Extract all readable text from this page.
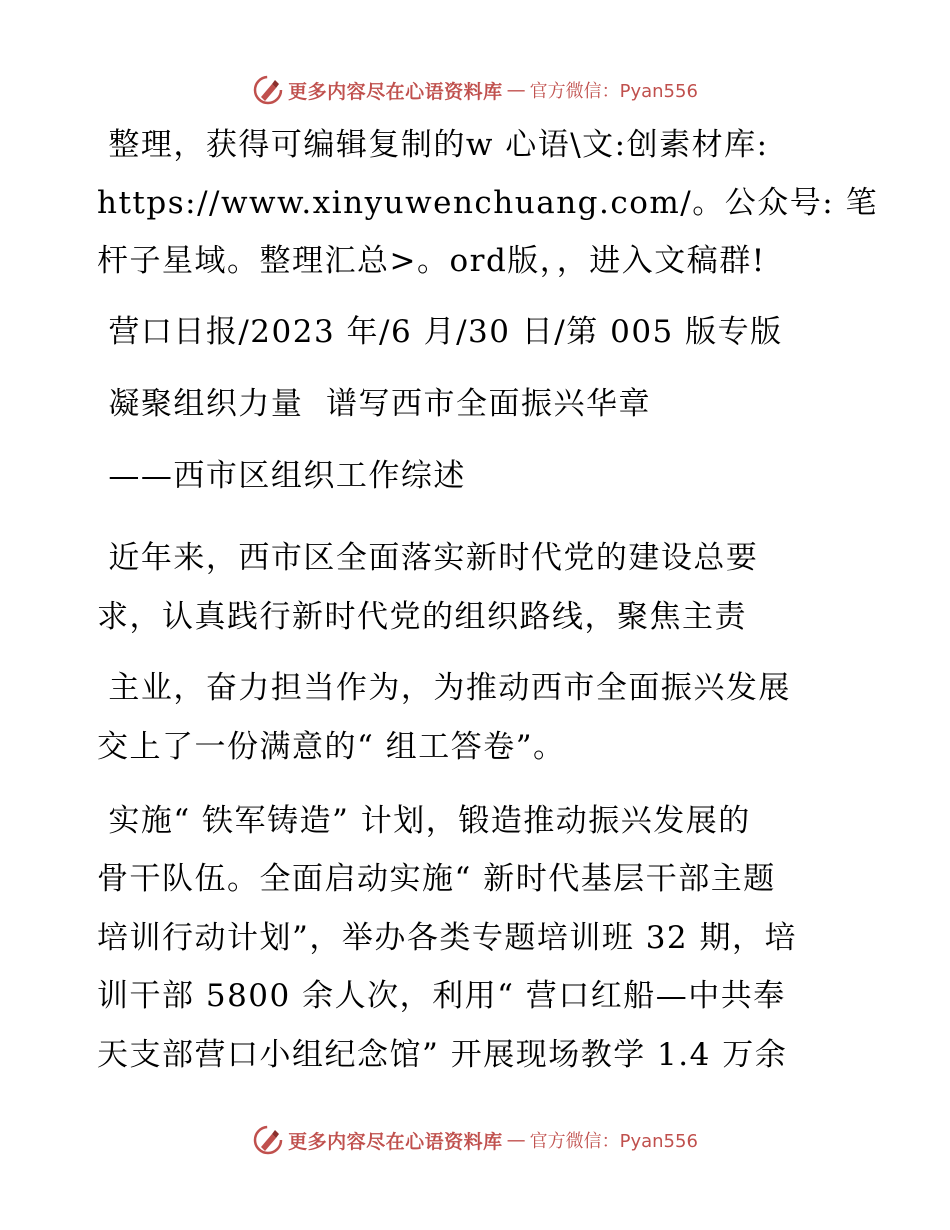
更多内容尽在心语资料库 — 官方微信：Pyan556
整理，获得可编辑复制的w 心语\文:创素材库:
https://www.xinyuwenchuang.com/。公众号: 笔
杆子星域。整理汇总>。ord版，，进入文稿群!
营口日报/2023 年/6 月/30 日/第 005 版专版
凝聚组织力量  谱写西市全面振兴华章
——西市区组织工作综述
近年来，西市区全面落实新时代党的建设总要
求，认真践行新时代党的组织路线，聚焦主责
主业，奋力担当作为，为推动西市全面振兴发展
交上了一份满意的“ 组工答卷”。
实施“ 铁军铸造” 计划，锻造推动振兴发展的
骨干队伍。全面启动实施“ 新时代基层干部主题
培训行动计划”，举办各类专题培训班 32 期，培
训干部 5800 余人次，利用“ 营口红船—中共奉
天支部营口小组纪念馆” 开展现场教学 1.4 万余
更多内容尽在心语资料库 — 官方微信：Pyan556
